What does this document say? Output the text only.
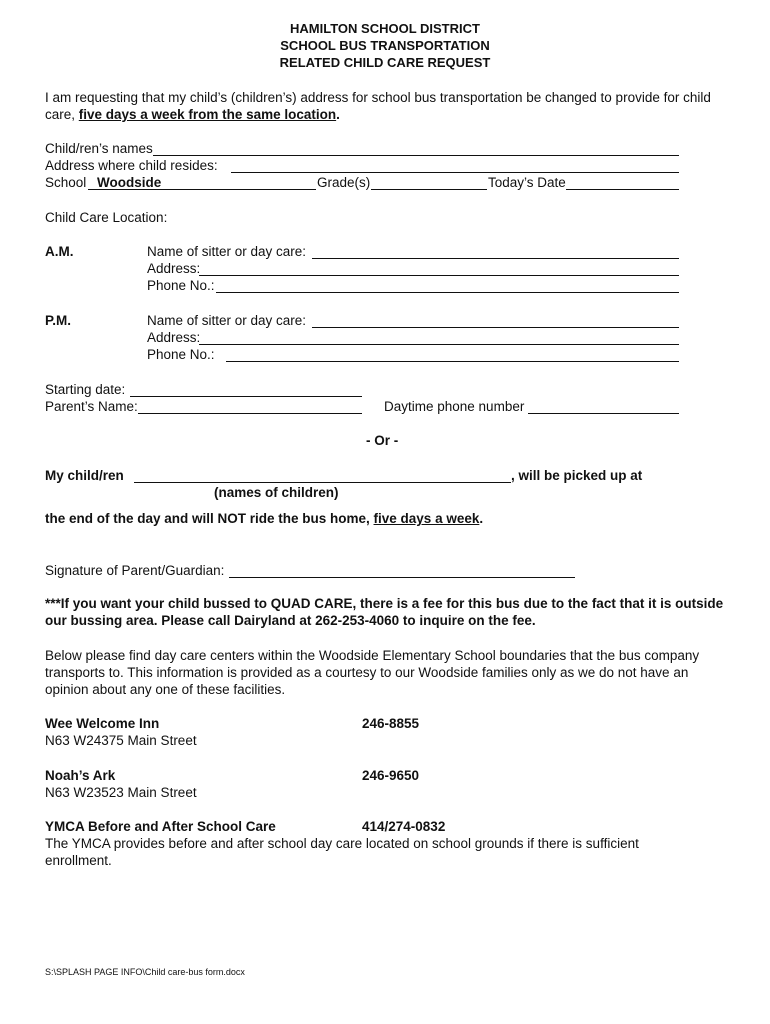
HAMILTON SCHOOL DISTRICT
SCHOOL BUS TRANSPORTATION
RELATED CHILD CARE REQUEST
I am requesting that my child’s (children’s) address for school bus transportation be changed to provide for child care, five days a week from the same location.
Child/ren’s names
Address where child resides:
School Woodside	Grade(s)	Today’s Date
Child Care Location:
A.M.	Name of sitter or day care:
Address:
Phone No.:
P.M.	Name of sitter or day care:
Address:
Phone No.:
Starting date:
Parent’s Name:	Daytime phone number
- Or -
My child/ren	, will be picked up at
(names of children)
the end of the day and will NOT ride the bus home, five days a week.
Signature of Parent/Guardian:
***If you want your child bussed to QUAD CARE, there is a fee for this bus due to the fact that it is outside our bussing area. Please call Dairyland at 262-253-4060 to inquire on the fee.
Below please find day care centers within the Woodside Elementary School boundaries that the bus company transports to. This information is provided as a courtesy to our Woodside families only as we do not have an opinion about any one of these facilities.
Wee Welcome Inn	246-8855
N63 W24375 Main Street
Noah’s Ark	246-9650
N63 W23523 Main Street
YMCA Before and After School Care	414/274-0832
The YMCA provides before and after school day care located on school grounds if there is sufficient enrollment.
S:\SPLASH PAGE INFO\Child care-bus form.docx
